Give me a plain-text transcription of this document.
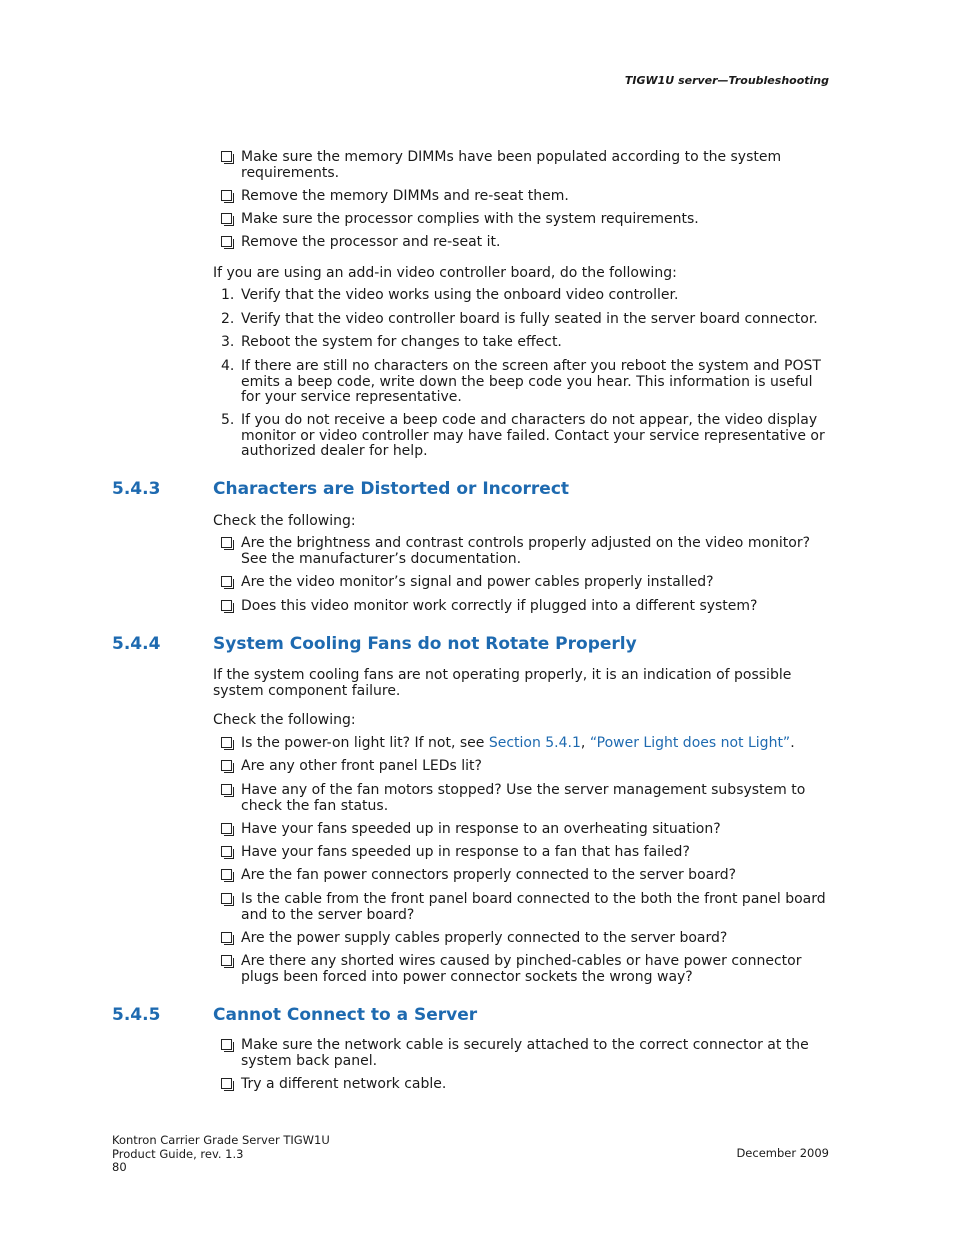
TIGW1U server—Troubleshooting
Make sure the memory DIMMs have been populated according to the system requirements.
Remove the memory DIMMs and re-seat them.
Make sure the processor complies with the system requirements.
Remove the processor and re-seat it.
If you are using an add-in video controller board, do the following:
1. Verify that the video works using the onboard video controller.
2. Verify that the video controller board is fully seated in the server board connector.
3. Reboot the system for changes to take effect.
4. If there are still no characters on the screen after you reboot the system and POST emits a beep code, write down the beep code you hear. This information is useful for your service representative.
5. If you do not receive a beep code and characters do not appear, the video display monitor or video controller may have failed. Contact your service representative or authorized dealer for help.
5.4.3	Characters are Distorted or Incorrect
Check the following:
Are the brightness and contrast controls properly adjusted on the video monitor? See the manufacturer’s documentation.
Are the video monitor’s signal and power cables properly installed?
Does this video monitor work correctly if plugged into a different system?
5.4.4	System Cooling Fans do not Rotate Properly
If the system cooling fans are not operating properly, it is an indication of possible system component failure.
Check the following:
Is the power-on light lit? If not, see Section 5.4.1, “Power Light does not Light”.
Are any other front panel LEDs lit?
Have any of the fan motors stopped? Use the server management subsystem to check the fan status.
Have your fans speeded up in response to an overheating situation?
Have your fans speeded up in response to a fan that has failed?
Are the fan power connectors properly connected to the server board?
Is the cable from the front panel board connected to the both the front panel board and to the server board?
Are the power supply cables properly connected to the server board?
Are there any shorted wires caused by pinched-cables or have power connector plugs been forced into power connector sockets the wrong way?
5.4.5	Cannot Connect to a Server
Make sure the network cable is securely attached to the correct connector at the system back panel.
Try a different network cable.
Kontron Carrier Grade Server TIGW1U
Product Guide, rev. 1.3
80
December 2009
